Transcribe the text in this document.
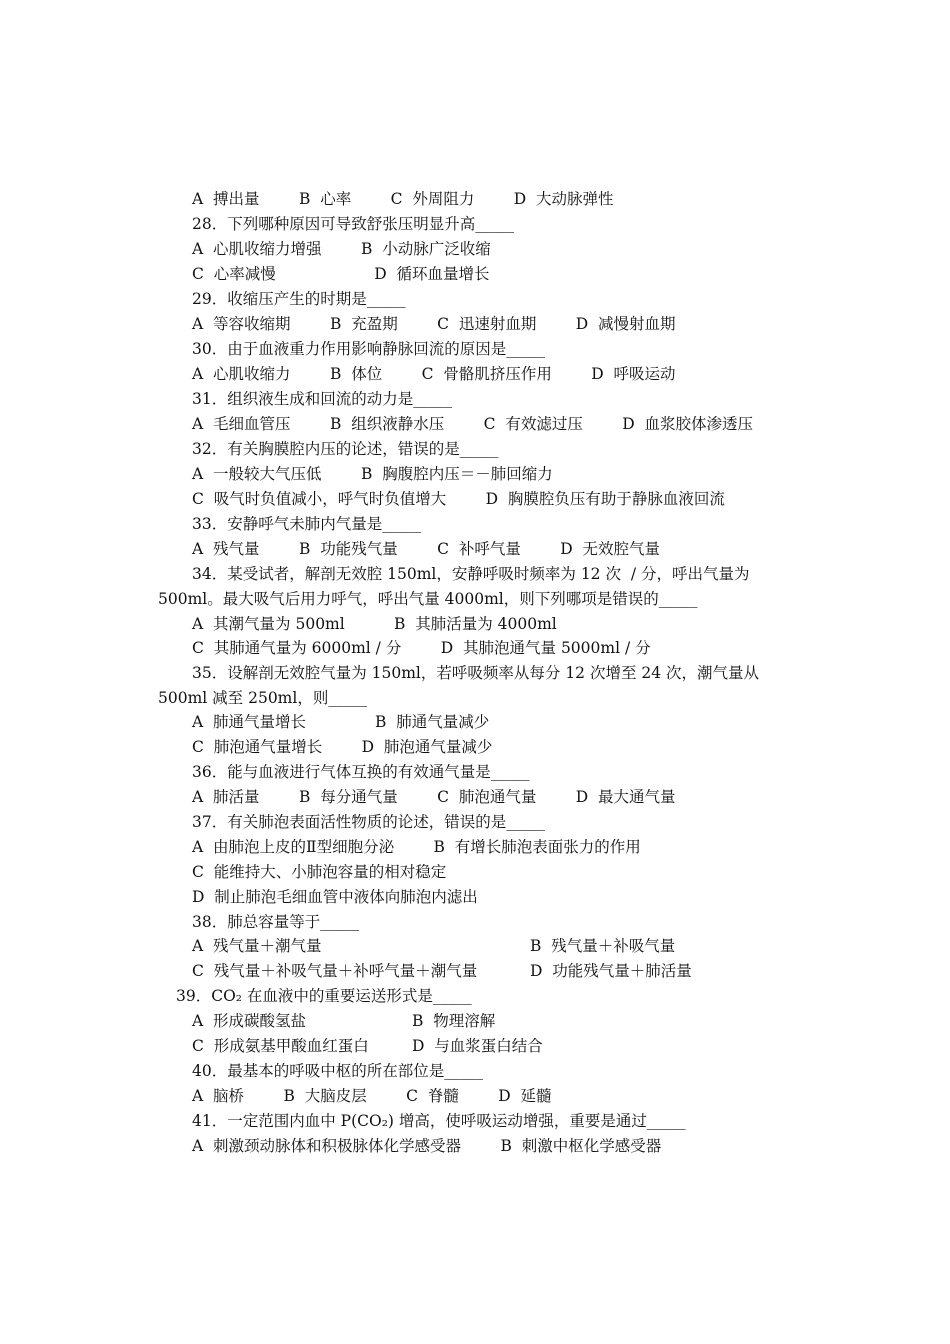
A  搏出量        B  心率        C  外周阻力        D  大动脉弹性
28．下列哪种原因可导致舒张压明显升高_____
A  心肌收缩力增强        B  小动脉广泛收缩
C  心率减慢                    D  循环血量增长
29．收缩压产生的时期是_____
A  等容收缩期        B  充盈期        C  迅速射血期        D  减慢射血期
30．由于血液重力作用影响静脉回流的原因是_____
A  心肌收缩力        B  体位        C  骨骼肌挤压作用        D  呼吸运动
31．组织液生成和回流的动力是_____
A  毛细血管压        B  组织液静水压        C  有效滤过压        D  血浆胶体渗透压
32．有关胸膜腔内压的论述，错误的是_____
A  一般较大气压低        B  胸腹腔内压＝－肺回缩力
C  吸气时负值减小，呼气时负值增大        D  胸膜腔负压有助于静脉血液回流
33．安静呼气未肺内气量是_____
A  残气量        B  功能残气量        C  补呼气量        D  无效腔气量
34．某受试者，解剖无效腔 150ml，安静呼吸时频率为 12 次  / 分，呼出气量为
500ml。最大吸气后用力呼气，呼出气量 4000ml，则下列哪项是错误的_____
A  其潮气量为 500ml          B  其肺活量为 4000ml
C  其肺通气量为 6000ml / 分        D  其肺泡通气量 5000ml / 分
35．设解剖无效腔气量为 150ml，若呼吸频率从每分 12 次增至 24 次，潮气量从
500ml 减至 250ml，则_____
A  肺通气量增长              B  肺通气量减少
C  肺泡通气量增长        D  肺泡通气量减少
36．能与血液进行气体互换的有效通气量是_____
A  肺活量        B  每分通气量        C  肺泡通气量        D  最大通气量
37．有关肺泡表面活性物质的论述，错误的是_____
A  由肺泡上皮的Ⅱ型细胞分泌        B  有增长肺泡表面张力的作用
C  能维持大、小肺泡容量的相对稳定
D  制止肺泡毛细血管中液体向肺泡内滤出
38．肺总容量等于_____
A  残气量＋潮气量	B  残气量＋补吸气量
C  残气量＋补吸气量＋补呼气量＋潮气量	D  功能残气量＋肺活量
39．CO₂ 在血液中的重要运送形式是_____
A  形成碳酸氢盐	B  物理溶解
C  形成氨基甲酸血红蛋白	D  与血浆蛋白结合
40．最基本的呼吸中枢的所在部位是_____
A  脑桥        B  大脑皮层        C  脊髓        D  延髓
41．一定范围内血中 P(CO₂) 增高，使呼吸运动增强，重要是通过_____
A  刺激颈动脉体和积极脉体化学感受器        B  刺激中枢化学感受器
